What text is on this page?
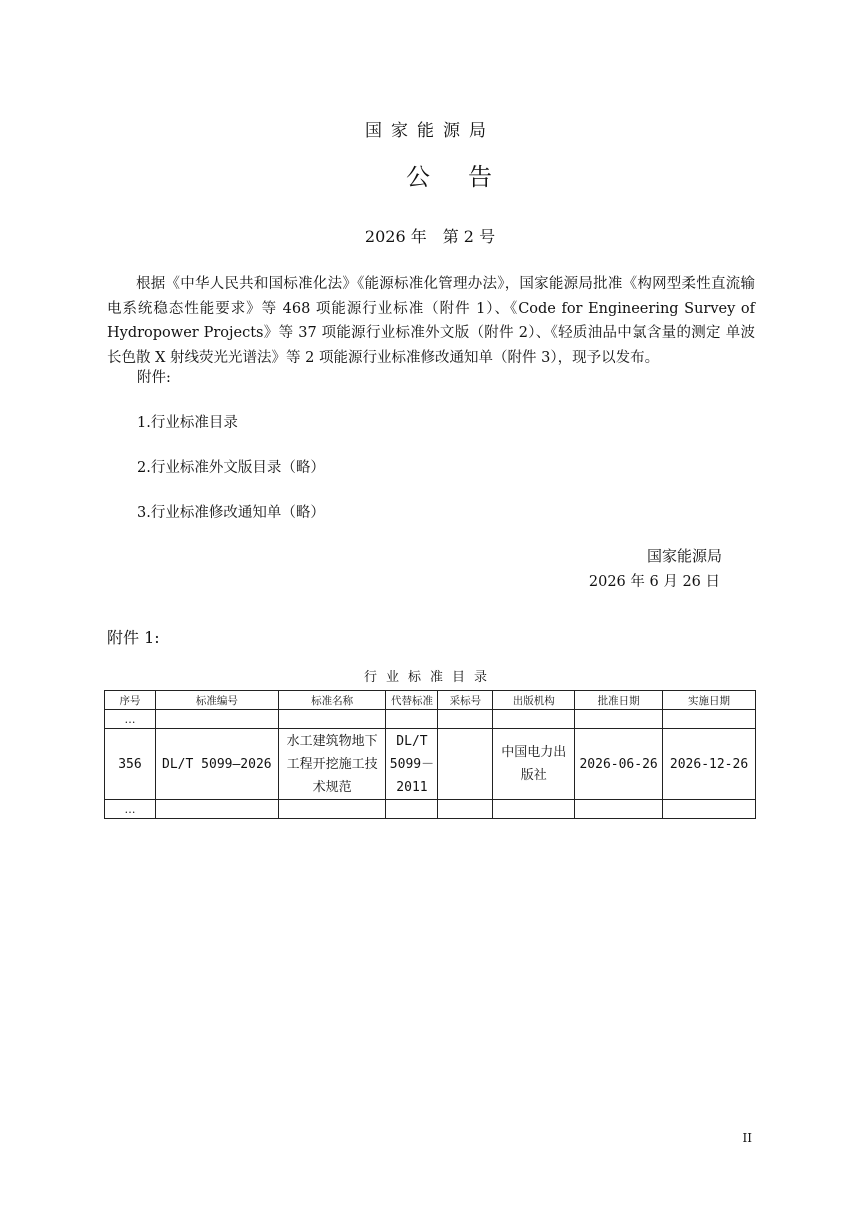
国家能源局
公告
2026 年　第 2 号

根据《中华人民共和国标准化法》《能源标准化管理办法》，国家能源局批准《构网型柔性直流输电系统稳态性能要求》等 468 项能源行业标准（附件 1）、《Code for Engineering Survey of Hydropower Projects》等 37 项能源行业标准外文版（附件 2）、《轻质油品中氯含量的测定 单波长色散 X 射线荧光光谱法》等 2 项能源行业标准修改通知单（附件 3），现予以发布。

附件:
1.行业标准目录
2.行业标准外文版目录（略）
3.行业标准修改通知单（略）
国家能源局
2026 年 6 月 26 日
附件 1:
行业标准目录
序号	标准编号	标准名称	代替标准	采标号	出版机构	批准日期	实施日期
…							
356	DL/T 5099—2026	水工建筑物地下工程开挖施工技术规范	DL/T 5099－2011		中国电力出版社	2026-06-26	2026-12-26
…							
II
